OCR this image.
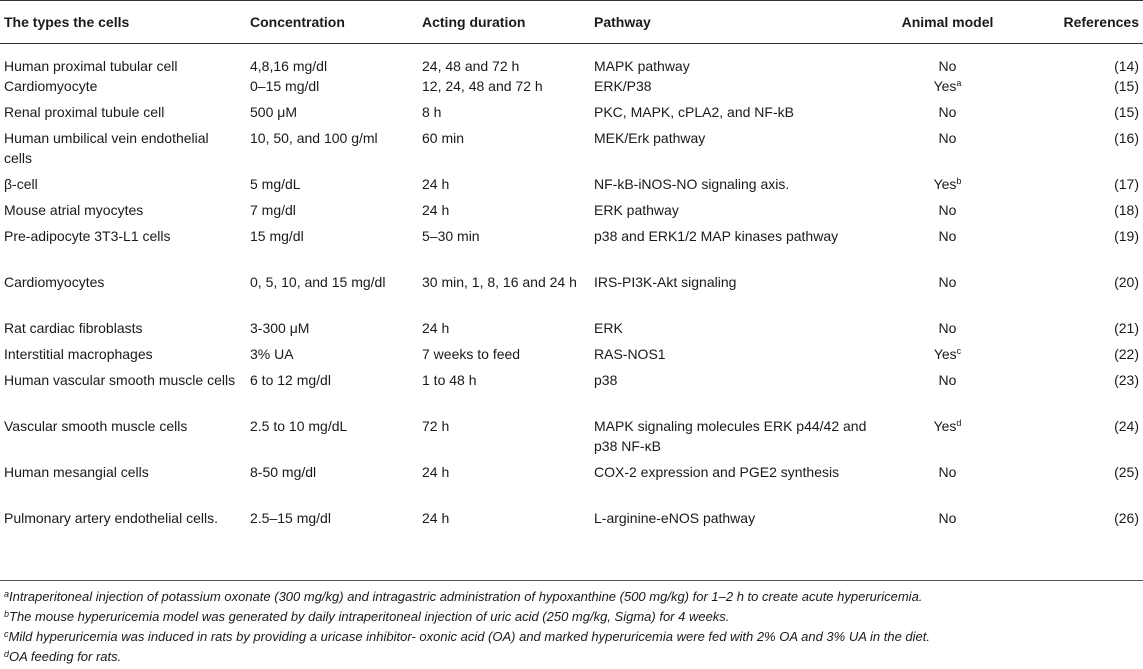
The types the cells	Concentration	Acting duration	Pathway	Animal model	References
Human proximal tubular cell	4,8,16 mg/dl	24, 48 and 72 h	MAPK pathway	No	(14)
Cardiomyocyte	0–15 mg/dl	12, 24, 48 and 72 h	ERK/P38	Yes$^a$	(15)
Renal proximal tubule cell	500 μM	8 h	PKC, MAPK, cPLA2, and NF-kB	No	(15)
Human umbilical vein endothelial cells	10, 50, and 100 g/ml	60 min	MEK/Erk pathway	No	(16)
β-cell	5 mg/dL	24 h	NF-kB-iNOS-NO signaling axis.	Yes$^b$	(17)
Mouse atrial myocytes	7 mg/dl	24 h	ERK pathway	No	(18)
Pre-adipocyte 3T3-L1 cells	15 mg/dl	5–30 min	p38 and ERK1/2 MAP kinases pathway	No	(19)
Cardiomyocytes	0, 5, 10, and 15 mg/dl	30 min, 1, 8, 16 and 24 h	IRS-PI3K-Akt signaling	No	(20)
Rat cardiac fibroblasts	3-300 μM	24 h	ERK	No	(21)
Interstitial macrophages	3% UA	7 weeks to feed	RAS-NOS1	Yes$^c$	(22)
Human vascular smooth muscle cells	6 to 12 mg/dl	1 to 48 h	p38	No	(23)
Vascular smooth muscle cells	2.5 to 10 mg/dL	72 h	MAPK signaling molecules ERK p44/42 and p38 NF-κB	Yes$^d$	(24)
Human mesangial cells	8-50 mg/dl	24 h	COX-2 expression and PGE2 synthesis	No	(25)
Pulmonary artery endothelial cells.	2.5–15 mg/dl	24 h	L-arginine-eNOS pathway	No	(26)
$^a$Intraperitoneal injection of potassium oxonate (300 mg/kg) and intragastric administration of hypoxanthine (500 mg/kg) for 1–2 h to create acute hyperuricemia.
$^b$The mouse hyperuricemia model was generated by daily intraperitoneal injection of uric acid (250 mg/kg, Sigma) for 4 weeks.
$^c$Mild hyperuricemia was induced in rats by providing a uricase inhibitor- oxonic acid (OA) and marked hyperuricemia were fed with 2% OA and 3% UA in the diet.
$^d$OA feeding for rats.
